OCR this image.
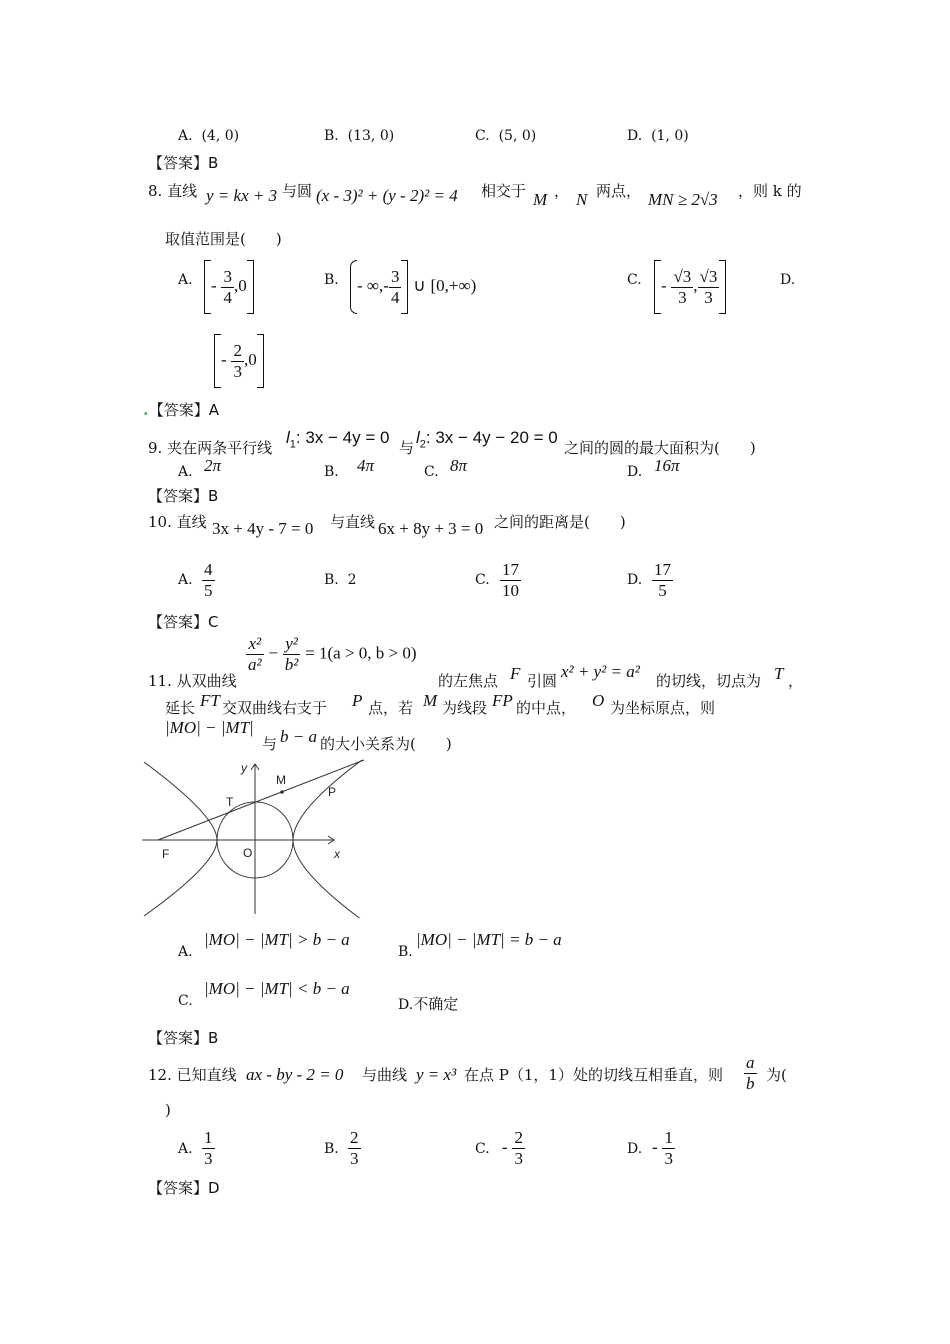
A. (4, 0)	B. (13, 0)	C. (5, 0)	D. (1, 0)
【答案】B
8. 直线 y = kx + 3 与圆 (x - 3)² + (y - 2)² = 4 相交于 M ， N 两点， MN ≥ 2√3 ，则 k 的
取值范围是(　　)
A.	- $\frac{3}{4} ,0$	B.	- ∞,- $\frac{3}{4}$ ∪ [0,+∞)	C.	- $\frac{√3}{3}$ , $\frac{√3}{3}$	D.
- $\frac{2}{3} ,0$
.【答案】A
9. 夹在两条平行线
$l_1$: 3x − 4y = 0
与
$l_2$: 3x − 4y − 20 = 0
之间的圆的最大面积为(　　)
A. 2π	B. 4π	C. 8π	D. 16π
【答案】B
10. 直线 3x + 4y - 7 = 0 与直线 6x + 8y + 3 = 0 之间的距离是(　　)
A. $\frac{4}{5}$	B. 2	C. $\frac{17}{10}$	D. $\frac{17}{5}$
【答案】C
11. 从双曲线
$\frac{\text{x²}}{\text{a²}} - \frac{\text{y²}}{\text{b²}} = 1(a > 0$, b > 0)
的左焦点 F 引圆 x² + y² = a² 的切线，切点为 T ，
延长 FT 交双曲线右支于 P 点，若 M 为线段 FP 的中点， O 为坐标原点，则
|MO| − |MT|
与 b − a 的大小关系为(　　)
y
M
T
P
F	O	x
A.
|MO| − |MT| > b − a
B.
|MO| − |MT| = b − a
C.
|MO| − |MT| < b − a
D.不确定
【答案】B
12. 已知直线 ax - by - 2 = 0 与曲线 y = x³ 在点 P（1，1）处的切线互相垂直，则 $\frac{a}{b}$ 为(
)
A. $\frac{1}{3}$	B. $\frac{2}{3}$	C. - $\frac{2}{3}$	D. - $\frac{1}{3}$
【答案】D
